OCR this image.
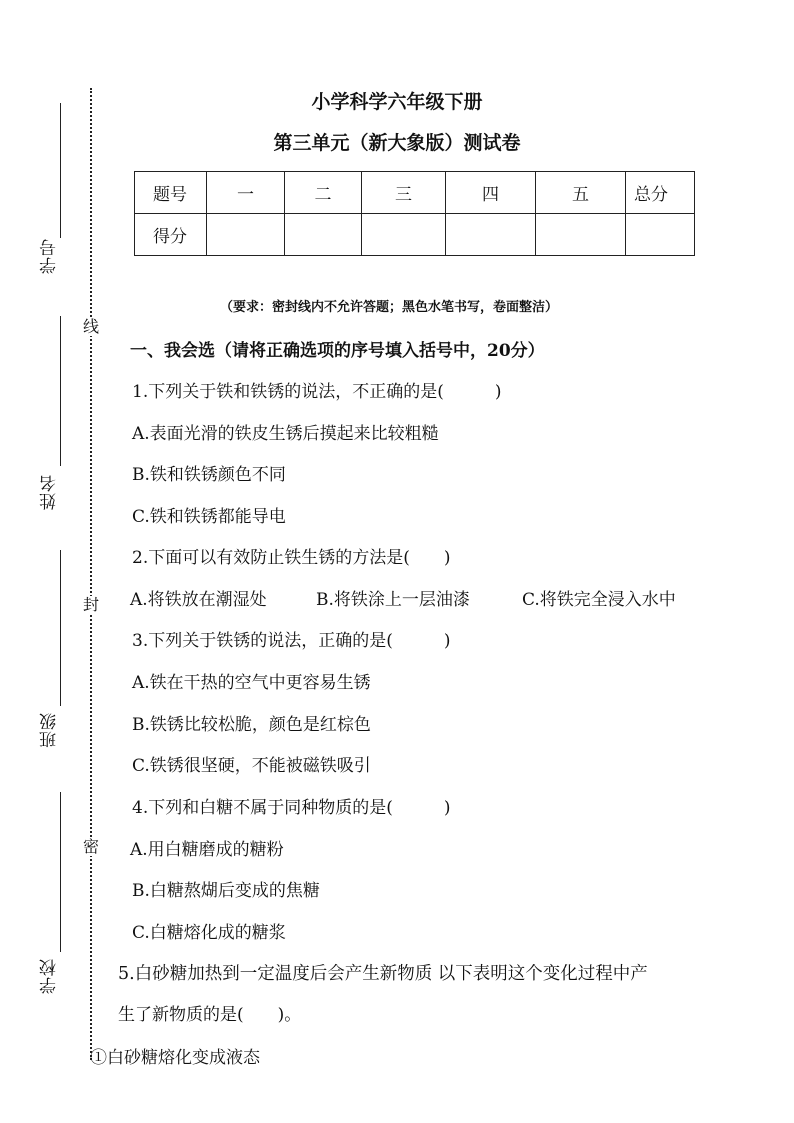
线
封
密
学号
姓名
班级
学校
小学科学六年级下册
第三单元（新大象版）测试卷
题号	一	二	三	四	五	总分
得分						
（要求：密封线内不允许答题；黑色水笔书写，卷面整洁）
一、我会选（请将正确选项的序号填入括号中，20分）
1.下列关于铁和铁锈的说法，不正确的是(　　　)
A.表面光滑的铁皮生锈后摸起来比较粗糙
B.铁和铁锈颜色不同
C.铁和铁锈都能导电
2.下面可以有效防止铁生锈的方法是(　　)
A.将铁放在潮湿处	B.将铁涂上一层油漆	C.将铁完全浸入水中
3.下列关于铁锈的说法，正确的是(　　　)
A.铁在干热的空气中更容易生锈
B.铁锈比较松脆，颜色是红棕色
C.铁锈很坚硬，不能被磁铁吸引
4.下列和白糖不属于同种物质的是(　　　)
A.用白糖磨成的糖粉
B.白糖熬煳后变成的焦糖
C.白糖熔化成的糖浆
5.白砂糖加热到一定温度后会产生新物质 以下表明这个变化过程中产
生了新物质的是(　　)。
①白砂糖熔化变成液态
